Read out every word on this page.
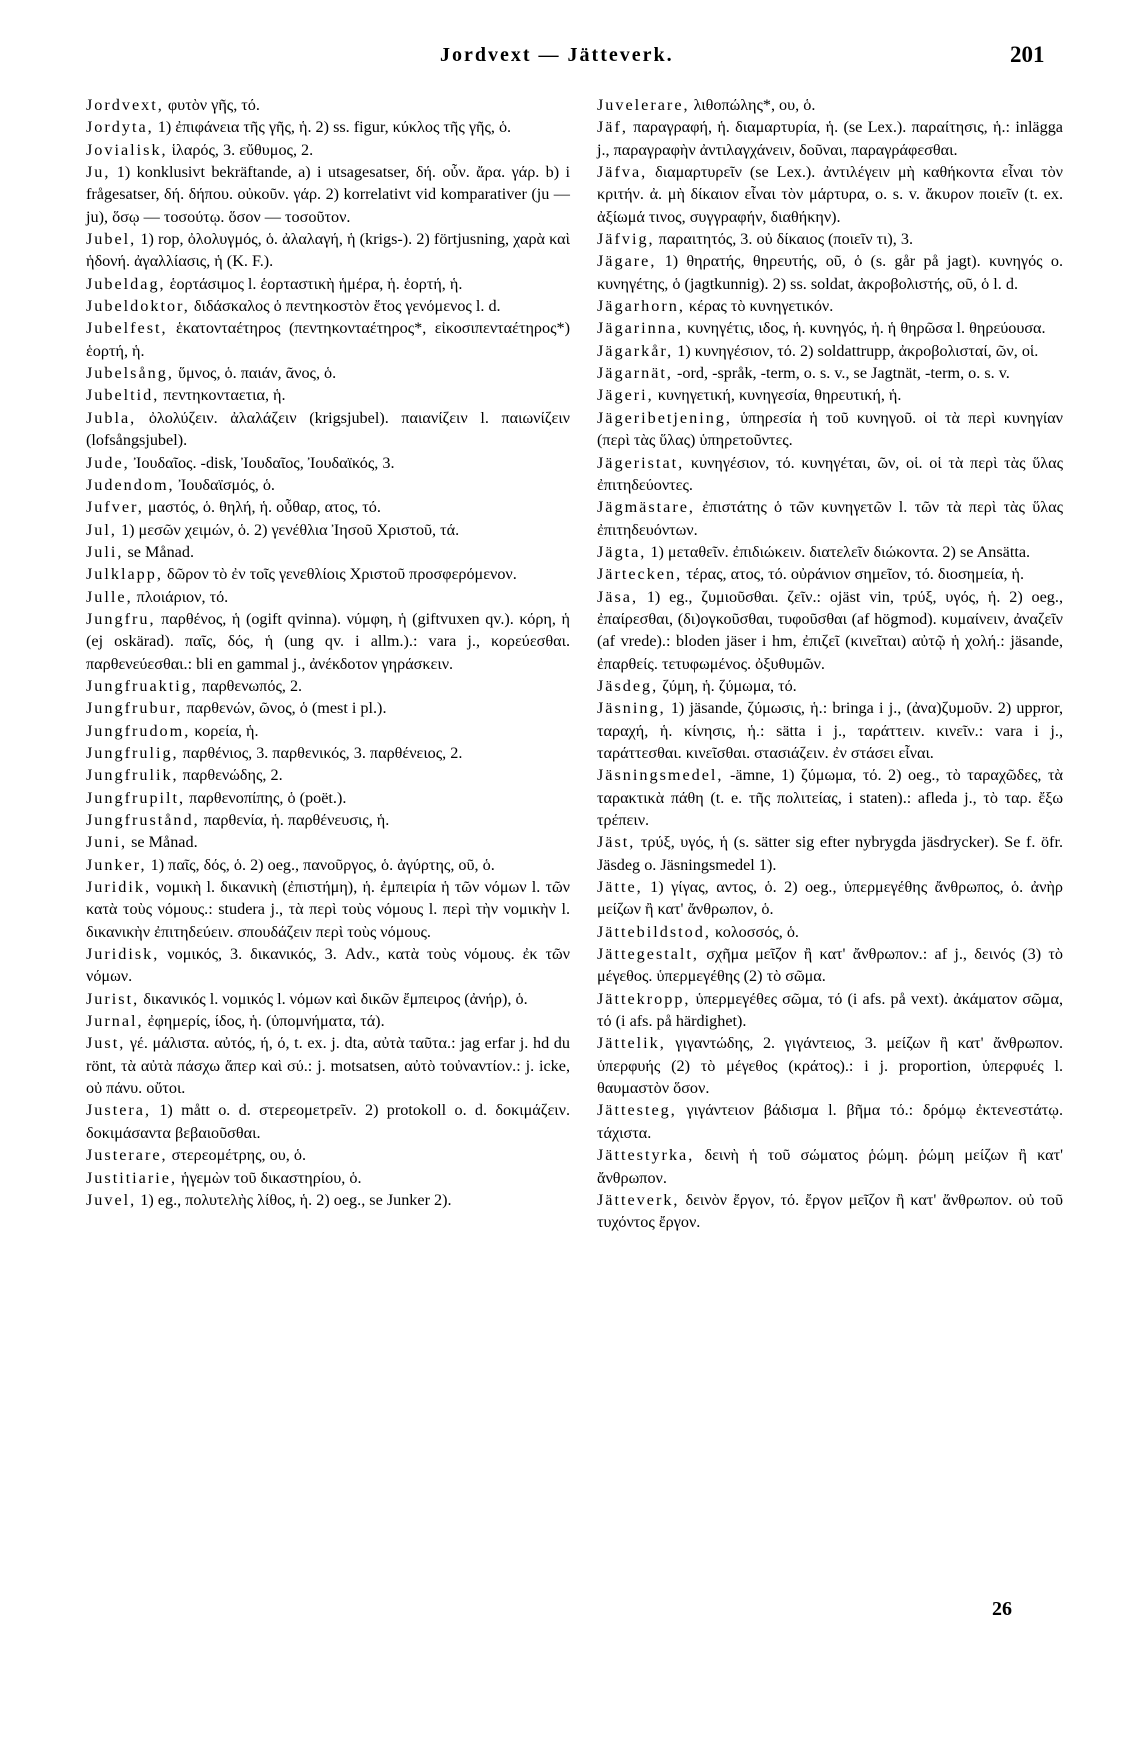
Jordvext — Jätteverk.	201

Jordvext, φυτὸν γῆς, τό.

Jordyta, 1) ἐπιφάνεια τῆς γῆς, ἡ. 2) ss. figur, κύκλος τῆς γῆς, ὁ.

Jovialisk, ἱλαρός, 3. εὔθυμος, 2.

Ju, 1) konklusivt bekräftande, a) i utsagesatser, δή. οὖν. ἄρα. γάρ. b) i frågesatser, δή. δήπου. οὐκοῦν. γάρ. 2) korrelativt vid komparativer (ju — ju), ὅσῳ — τοσούτῳ. ὅσον — τοσοῦτον.

Jubel, 1) rop, ὀλολυγμός, ὁ. ἀλαλαγή, ἡ (krigs-). 2) förtjusning, χαρὰ καὶ ἡδονή. ἀγαλλίασις, ἡ (K. F.).

Jubeldag, ἑορτάσιμος l. ἑορταστικὴ ἡμέρα, ἡ. ἑορτή, ἡ.

Jubeldoktor, διδάσκαλος ὁ πεντηκοστὸν ἔτος γενόμενος l. d.

Jubelfest, ἑκατονταέτηρος (πεντηκονταέτηρος*, εἰκοσιπενταέτηρος*) ἑορτή, ἡ.

Jubelsång, ὕμνος, ὁ. παιάν, ᾶνος, ὁ.

Jubeltid, πεντηκονταετια, ἡ.

Jubla, ὀλολύζειν. ἀλαλάζειν (krigsjubel). παιανίζειν l. παιωνίζειν (lofsångsjubel).

Jude, Ἰουδαῖος. -disk, Ἰουδαῖος, Ἰουδαϊκός, 3.

Judendom, Ἰουδαϊσμός, ὁ.

Jufver, μαστός, ὁ. θηλή, ἡ. οὖθαρ, ατος, τό.

Jul, 1) μεσῶν χειμών, ὁ. 2) γενέθλια Ἰησοῦ Χριστοῦ, τά.

Juli, se Månad.

Julklapp, δῶρον τὸ ἐν τοῖς γενεθλίοις Χριστοῦ προσφερόμενον.

Julle, πλοιάριον, τό.

Jungfru, παρθένος, ἡ (ogift qvinna). νύμφη, ἡ (giftvuxen qv.). κόρη, ἡ (ej oskärad). παῖς, δός, ἡ (ung qv. i allm.).: vara j., κορεύεσθαι. παρθενεύεσθαι.: bli en gammal j., ἀνέκδοτον γηράσκειν.

Jungfruaktig, παρθενωπός, 2.

Jungfrubur, παρθενών, ῶνος, ὁ (mest i pl.).

Jungfrudom, κορεία, ἡ.

Jungfrulig, παρθένιος, 3. παρθενικός, 3. παρθένειος, 2.

Jungfrulik, παρθενώδης, 2.

Jungfrupilt, παρθενοπίπης, ὁ (poët.).

Jungfrustånd, παρθενία, ἡ. παρθένευσις, ἡ.

Juni, se Månad.

Junker, 1) παῖς, δός, ὁ. 2) oeg., πανοῦργος, ὁ. ἀγύρτης, οῦ, ὁ.

Juridik, νομικὴ l. δικανικὴ (ἐπιστήμη), ἡ. ἐμπειρία ἡ τῶν νόμων l. τῶν κατὰ τοὺς νόμους.: studera j., τὰ περὶ τοὺς νόμους l. περὶ τὴν νομικὴν l. δικανικὴν ἐπιτηδεύειν. σπουδάζειν περὶ τοὺς νόμους.

Juridisk, νομικός, 3. δικανικός, 3. Adv., κατὰ τοὺς νόμους. ἐκ τῶν νόμων.

Jurist, δικανικός l. νομικός l. νόμων καὶ δικῶν ἔμπειρος (ἀνήρ), ὁ.

Jurnal, ἐφημερίς, ίδος, ἡ. (ὑπομνήματα, τά).

Just, γέ. μάλιστα. αὐτός, ή, ό, t. ex. j. dta, αὐτὰ ταῦτα.: jag erfar j. hd du rönt, τὰ αὐτὰ πάσχω ἅπερ καὶ σύ.: j. motsatsen, αὐτὸ τοὐναντίον.: j. icke, οὐ πάνυ. οὔτοι.

Justera, 1) mått o. d. στερεομετρεῖν. 2) protokoll o. d. δοκιμάζειν. δοκιμάσαντα βεβαιοῦσθαι.

Justerare, στερεομέτρης, ου, ὁ.

Justitiarie, ἡγεμὼν τοῦ δικαστηρίου, ὁ.

Juvel, 1) eg., πολυτελὴς λίθος, ἡ. 2) oeg., se Junker 2).

Juvelerare, λιθοπώλης*, ου, ὁ.

Jäf, παραγραφή, ἡ. διαμαρτυρία, ἡ. (se Lex.). παραίτησις, ἡ.: inlägga j., παραγραφὴν ἀντιλαγχάνειν, δοῦναι, παραγράφεσθαι.

Jäfva, διαμαρτυρεῖν (se Lex.). ἀντιλέγειν μὴ καθήκοντα εἶναι τὸν κριτήν. ἀ. μὴ δίκαιον εἶναι τὸν μάρτυρα, o. s. v. ἄκυρον ποιεῖν (t. ex. ἀξίωμά τινος, συγγραφήν, διαθήκην).

Jäfvig, παραιτητός, 3. οὐ δίκαιος (ποιεῖν τι), 3.

Jägare, 1) θηρατής, θηρευτής, οῦ, ὁ (s. går på jagt). κυνηγός o. κυνηγέτης, ὁ (jagtkunnig). 2) ss. soldat, ἀκροβολιστής, οῦ, ὁ l. d.

Jägarhorn, κέρας τὸ κυνηγετικόν.

Jägarinna, κυνηγέτις, ιδος, ἡ. κυνηγός, ἡ. ἡ θηρῶσα l. θηρεύουσα.

Jägarkår, 1) κυνηγέσιον, τό. 2) soldattrupp, ἀκροβολισταί, ῶν, οἱ.

Jägarnät, -ord, -språk, -term, o. s. v., se Jagtnät, -term, o. s. v.

Jägeri, κυνηγετική, κυνηγεσία, θηρευτική, ἡ.

Jägeribetjening, ὑπηρεσία ἡ τοῦ κυνηγοῦ. οἱ τὰ περὶ κυνηγίαν (περὶ τὰς ὕλας) ὑπηρετοῦντες.

Jägeristat, κυνηγέσιον, τό. κυνηγέται, ῶν, οἱ. οἱ τὰ περὶ τὰς ὕλας ἐπιτηδεύοντες.

Jägmästare, ἐπιστάτης ὁ τῶν κυνηγετῶν l. τῶν τὰ περὶ τὰς ὕλας ἐπιτηδευόντων.

Jägta, 1) μεταθεῖν. ἐπιδιώκειν. διατελεῖν διώκοντα. 2) se Ansätta.

Järtecken, τέρας, ατος, τό. οὐράνιον σημεῖον, τό. διοσημεία, ἡ.

Jäsa, 1) eg., ζυμιοῦσθαι. ζεῖν.: ojäst vin, τρύξ, υγός, ἡ. 2) oeg., ἐπαίρεσθαι, (δι)ογκοῦσθαι, τυφοῦσθαι (af högmod). κυμαίνειν, ἀναζεῖν (af vrede).: bloden jäser i hm, ἐπιζεῖ (κινεῖται) αὐτῷ ἡ χολή.: jäsande, ἐπαρθείς. τετυφωμένος. ὀξυθυμῶν.

Jäsdeg, ζύμη, ἡ. ζύμωμα, τό.

Jäsning, 1) jäsande, ζύμωσις, ἡ.: bringa i j., (ἀνα)ζυμοῦν. 2) uppror, ταραχή, ἡ. κίνησις, ἡ.: sätta i j., ταράττειν. κινεῖν.: vara i j., ταράττεσθαι. κινεῖσθαι. στασιάζειν. ἐν στάσει εἶναι.

Jäsningsmedel, -ämne, 1) ζύμωμα, τό. 2) oeg., τὸ ταραχῶδες, τὰ ταρακτικὰ πάθη (t. e. τῆς πολιτείας, i staten).: afleda j., τὸ ταρ. ἔξω τρέπειν.

Jäst, τρύξ, υγός, ἡ (s. sätter sig efter nybrygda jäsdrycker). Se f. öfr. Jäsdeg o. Jäsningsmedel 1).

Jätte, 1) γίγας, αντος, ὁ. 2) oeg., ὑπερμεγέθης ἄνθρωπος, ὁ. ἀνὴρ μείζων ἢ κατ' ἄνθρωπον, ὁ.

Jättebildstod, κολοσσός, ὁ.

Jättegestalt, σχῆμα μεῖζον ἢ κατ' ἄνθρωπον.: af j., δεινός (3) τὸ μέγεθος. ὑπερμεγέθης (2) τὸ σῶμα.

Jättekropp, ὑπερμεγέθες σῶμα, τό (i afs. på vext). ἀκάματον σῶμα, τό (i afs. på härdighet).

Jättelik, γιγαντώδης, 2. γιγάντειος, 3. μείζων ἢ κατ' ἄνθρωπον. ὑπερφυής (2) τὸ μέγεθος (κράτος).: i j. proportion, ὑπερφυές l. θαυμαστὸν ὅσον.

Jättesteg, γιγάντειον βάδισμα l. βῆμα τό.: δρόμῳ ἐκτενεστάτῳ. τάχιστα.

Jättestyrka, δεινὴ ἡ τοῦ σώματος ῥώμη. ῥώμη μείζων ἢ κατ' ἄνθρωπον.

Jätteverk, δεινὸν ἔργον, τό. ἔργον μεῖζον ἢ κατ' ἄνθρωπον. οὐ τοῦ τυχόντος ἔργον.

26
